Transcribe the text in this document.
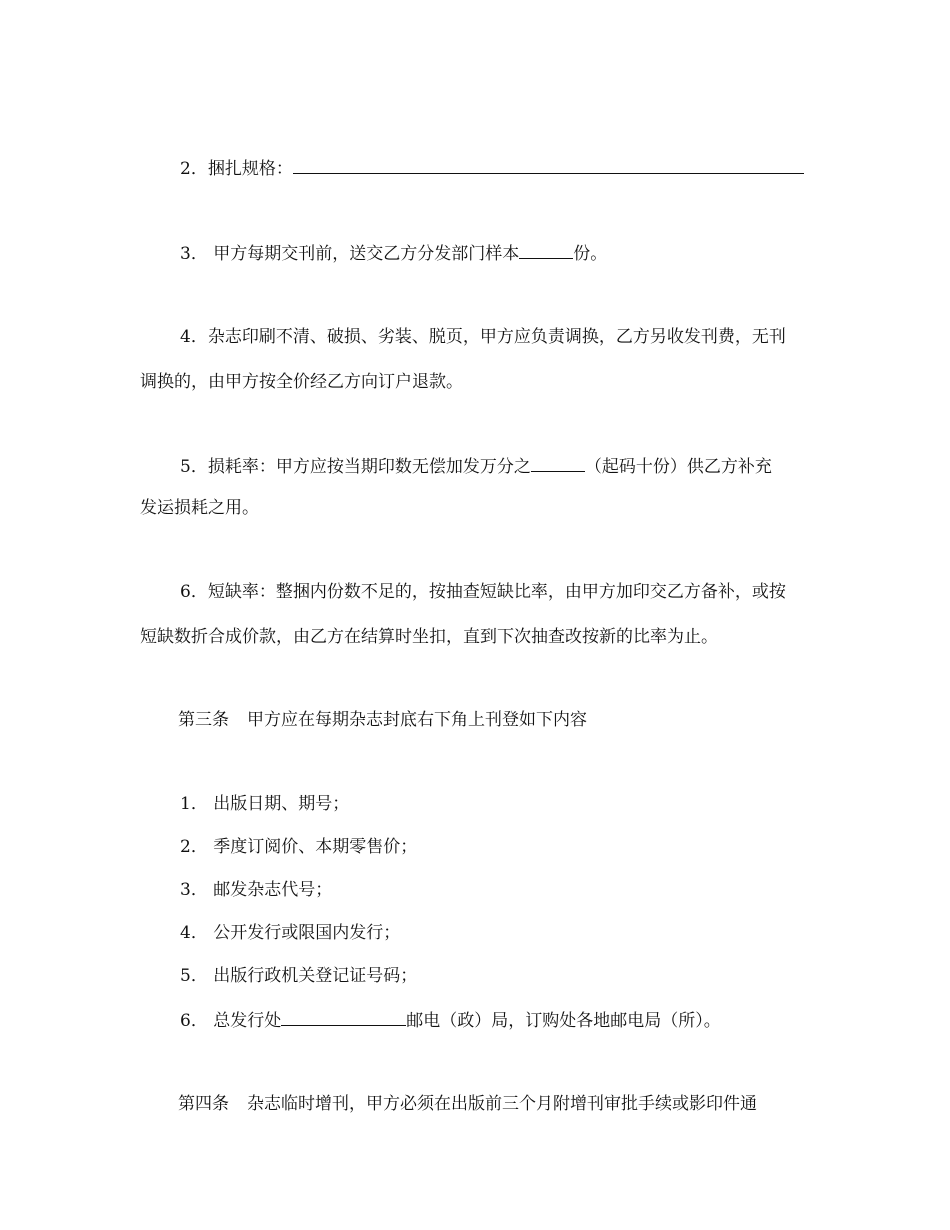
2．捆扎规格：
3． 甲方每期交刊前，送交乙方分发部门样本	份。
4．杂志印刷不清、破损、劣装、脱页，甲方应负责调换，乙方另收发刊费，无刊
调换的，由甲方按全价经乙方向订户退款。
5．损耗率：甲方应按当期印数无偿加发万分之	（起码十份）供乙方补充
发运损耗之用。
6．短缺率：整捆内份数不足的，按抽查短缺比率，由甲方加印交乙方备补，或按
短缺数折合成价款，由乙方在结算时坐扣，直到下次抽查改按新的比率为止。
第三条 甲方应在每期杂志封底右下角上刊登如下内容
1． 出版日期、期号；
2． 季度订阅价、本期零售价；
3． 邮发杂志代号；
4． 公开发行或限国内发行；
5． 出版行政机关登记证号码；
6． 总发行处	邮电（政）局，订购处各地邮电局（所）。
第四条 杂志临时增刊，甲方必须在出版前三个月附增刊审批手续或影印件通
